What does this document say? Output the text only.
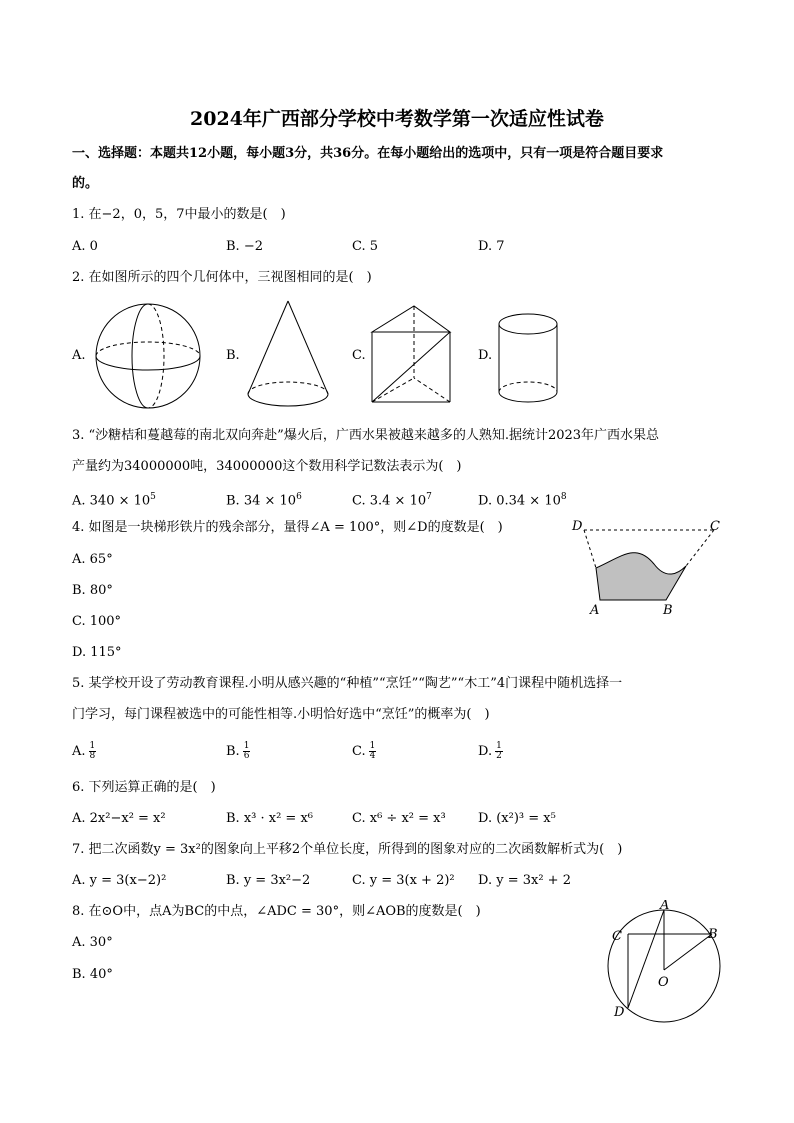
2024年广西部分学校中考数学第一次适应性试卷
一、选择题：本题共12小题，每小题3分，共36分。在每小题给出的选项中，只有一项是符合题目要求
的。
1. 在−2，0，5，7中最小的数是(　)
A. 0	B. −2	C. 5	D. 7
2. 在如图所示的四个几何体中，三视图相同的是(　)
A.	B.	C.	D.
3. “沙糖桔和蔓越莓的南北双向奔赴”爆火后，广西水果被越来越多的人熟知.据统计2023年广西水果总
产量约为34000000吨，34000000这个数用科学记数法表示为(　)
A. $340 \times 10^5$	B. $34 \times 10^6$	C. $3.4 \times 10^7$	D. $0.34 \times 10^8$
4. 如图是一块梯形铁片的残余部分，量得∠A = 100°，则∠D的度数是(　)
A. 65°
B. 80°
C. 100°
D. 115°
D	C
A	B
5. 某学校开设了劳动教育课程.小明从感兴趣的“种植”“烹饪”“陶艺”“木工”4门课程中随机选择一
门学习，每门课程被选中的可能性相等.小明恰好选中“烹饪”的概率为(　)
A. $\frac{1}{8}$	B. $\frac{1}{6}$	C. $\frac{1}{4}$	D. $\frac{1}{2}$
6. 下列运算正确的是(　)
A. 2x²−x² = x²	B. x³ · x² = x⁶	C. x⁶ ÷ x² = x³ D. (x²)³ = x⁵
7. 把二次函数y = 3x²的图象向上平移2个单位长度，所得到的图象对应的二次函数解析式为(　)
A. y = 3(x−2)²	B. y = 3x²−2	C. y = 3(x + 2)² D. y = 3x² + 2
8. 在⊙O中，点A为BC的中点，∠ADC = 30°，则∠AOB的度数是(　)
A. 30°
B. 40°
A
C	B
O
D
